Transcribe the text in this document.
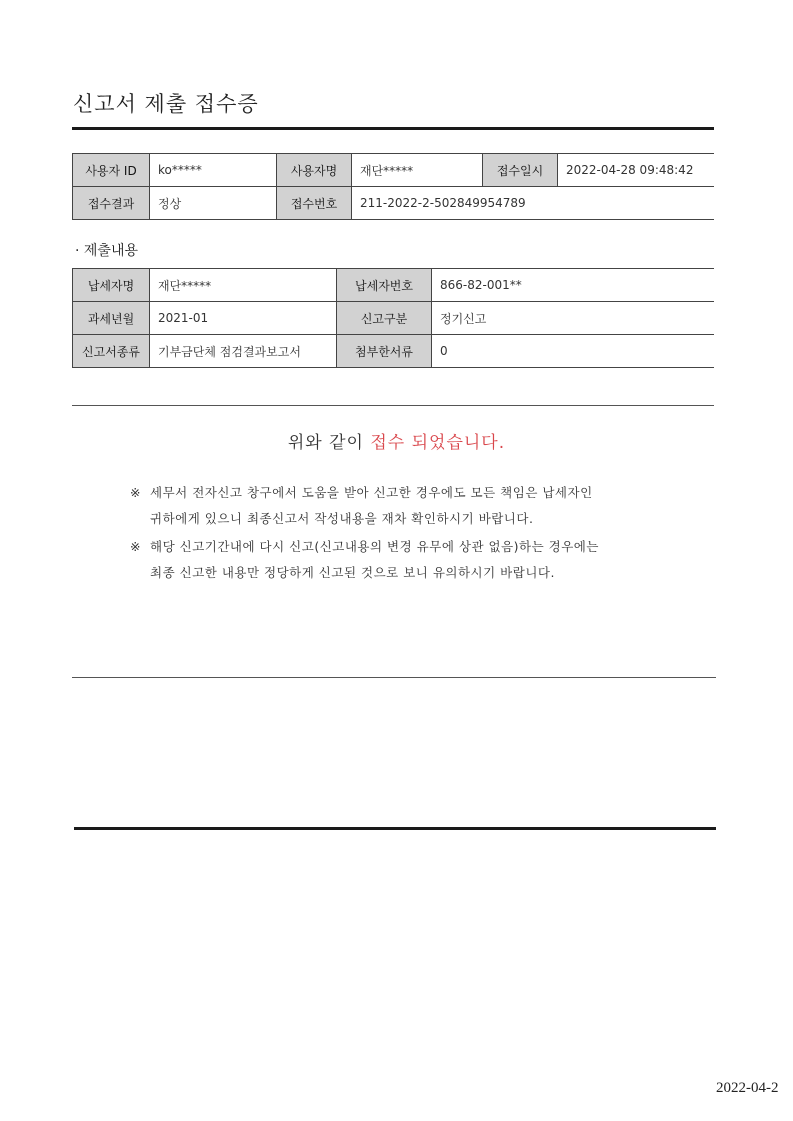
신고서 제출 접수증
사용자 ID	ko*****	사용자명	재단*****	접수일시	2022-04-28 09:48:42
접수결과	정상	접수번호	211-2022-2-502849954789		
· 제출내용
납세자명	재단*****	납세자번호	866-82-001**
과세년월	2021-01	신고구분	정기신고
신고서종류	기부금단체 점검결과보고서	첨부한서류	0
위와 같이 접수 되었습니다.
※ 세무서 전자신고 창구에서 도움을 받아 신고한 경우에도 모든 책임은 납세자인
귀하에게 있으니 최종신고서 작성내용을 재차 확인하시기 바랍니다.
※ 해당 신고기간내에 다시 신고(신고내용의 변경 유무에 상관 없음)하는 경우에는
최종 신고한 내용만 정당하게 신고된 것으로 보니 유의하시기 바랍니다.
2022-04-2
